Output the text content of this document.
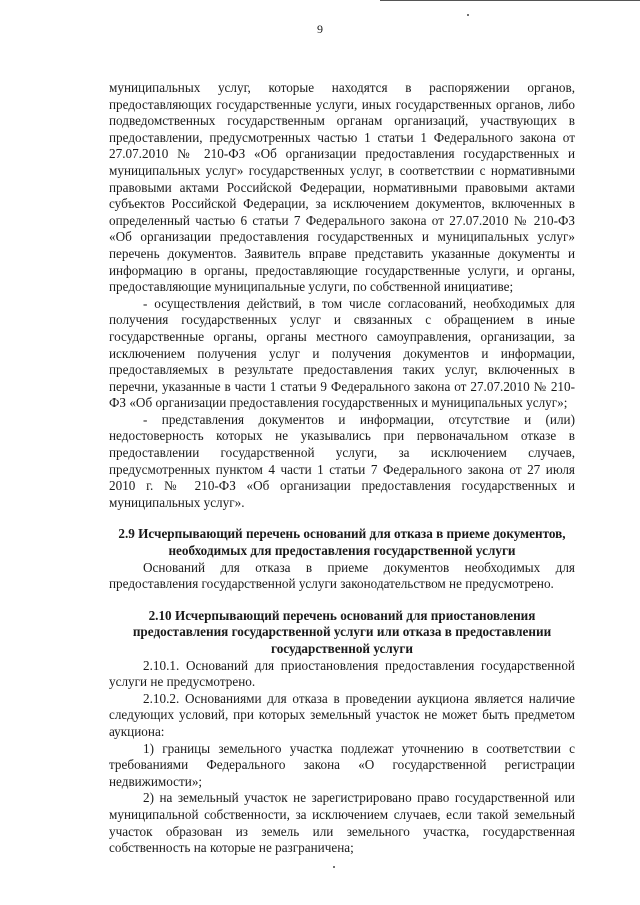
9

муниципальных услуг, которые находятся в распоряжении органов, предоставляющих государственные услуги, иных государственных органов, либо подведомственных государственным органам организаций, участвующих в предоставлении, предусмотренных частью 1 статьи 1 Федерального закона от 27.07.2010 № 210-ФЗ «Об организации предоставления государственных и муниципальных услуг» государственных услуг, в соответствии с нормативными правовыми актами Российской Федерации, нормативными правовыми актами субъектов Российской Федерации, за исключением документов, включенных в определенный частью 6 статьи 7 Федерального закона от 27.07.2010 № 210-ФЗ «Об организации предоставления государственных и муниципальных услуг» перечень документов. Заявитель вправе представить указанные документы и информацию в органы, предоставляющие государственные услуги, и органы, предоставляющие муниципальные услуги, по собственной инициативе;

- осуществления действий, в том числе согласований, необходимых для получения государственных услуг и связанных с обращением в иные государственные органы, органы местного самоуправления, организации, за исключением получения услуг и получения документов и информации, предоставляемых в результате предоставления таких услуг, включенных в перечни, указанные в части 1 статьи 9 Федерального закона от 27.07.2010 № 210-ФЗ «Об организации предоставления государственных и муниципальных услуг»;

- представления документов и информации, отсутствие и (или) недостоверность которых не указывались при первоначальном отказе в предоставлении государственной услуги, за исключением случаев, предусмотренных пунктом 4 части 1 статьи 7 Федерального закона от 27 июля 2010 г. № 210-ФЗ «Об организации предоставления государственных и муниципальных услуг».

2.9 Исчерпывающий перечень оснований для отказа в приеме документов,
необходимых для предоставления государственной услуги

Оснований для отказа в приеме документов необходимых для предоставления государственной услуги законодательством не предусмотрено.

2.10 Исчерпывающий перечень оснований для приостановления
предоставления государственной услуги или отказа в предоставлении
государственной услуги

2.10.1. Оснований для приостановления предоставления государственной услуги не предусмотрено.

2.10.2. Основаниями для отказа в проведении аукциона является наличие следующих условий, при которых земельный участок не может быть предметом аукциона:

1) границы земельного участка подлежат уточнению в соответствии с требованиями Федерального закона «О государственной регистрации недвижимости»;

2) на земельный участок не зарегистрировано право государственной или муниципальной собственности, за исключением случаев, если такой земельный участок образован из земель или земельного участка, государственная собственность на которые не разграничена;
